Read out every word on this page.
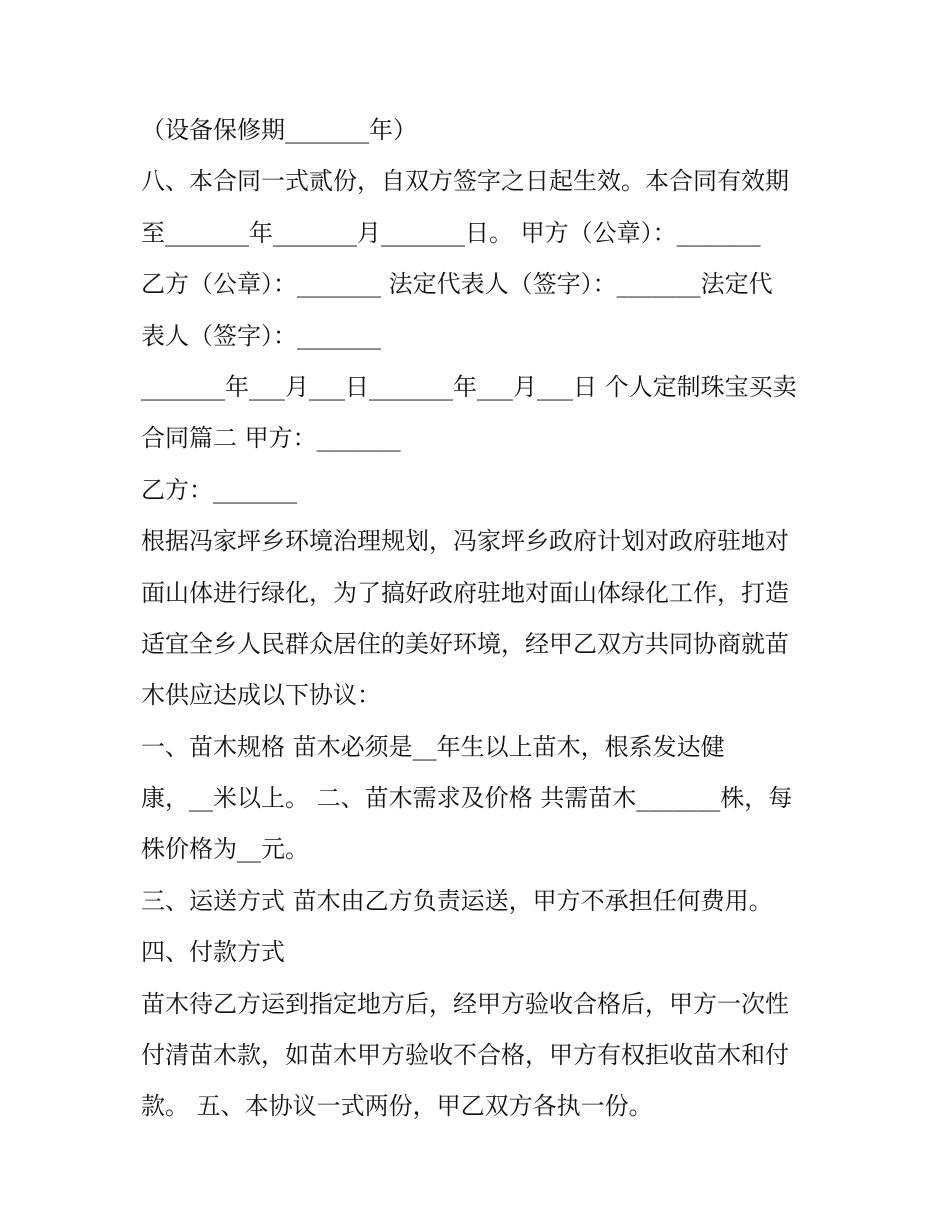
（设备保修期_______年）

八、本合同一式贰份，自双方签字之日起生效。本合同有效期

至_______年_______月_______日。 甲方（公章）：_______

乙方（公章）：_______ 法定代表人（签字）：_______法定代

表人（签字）：_______

_______年___月___日_______年___月___日 个人定制珠宝买卖

合同篇二 甲方：_______

乙方：_______

根据冯家坪乡环境治理规划，冯家坪乡政府计划对政府驻地对

面山体进行绿化，为了搞好政府驻地对面山体绿化工作，打造

适宜全乡人民群众居住的美好环境，经甲乙双方共同协商就苗

木供应达成以下协议：

一、苗木规格 苗木必须是__年生以上苗木，根系发达健

康，__米以上。 二、苗木需求及价格 共需苗木_______株，每

株价格为__元。

三、运送方式 苗木由乙方负责运送，甲方不承担任何费用。

四、付款方式

苗木待乙方运到指定地方后，经甲方验收合格后，甲方一次性

付清苗木款，如苗木甲方验收不合格，甲方有权拒收苗木和付

款。 五、本协议一式两份，甲乙双方各执一份。
